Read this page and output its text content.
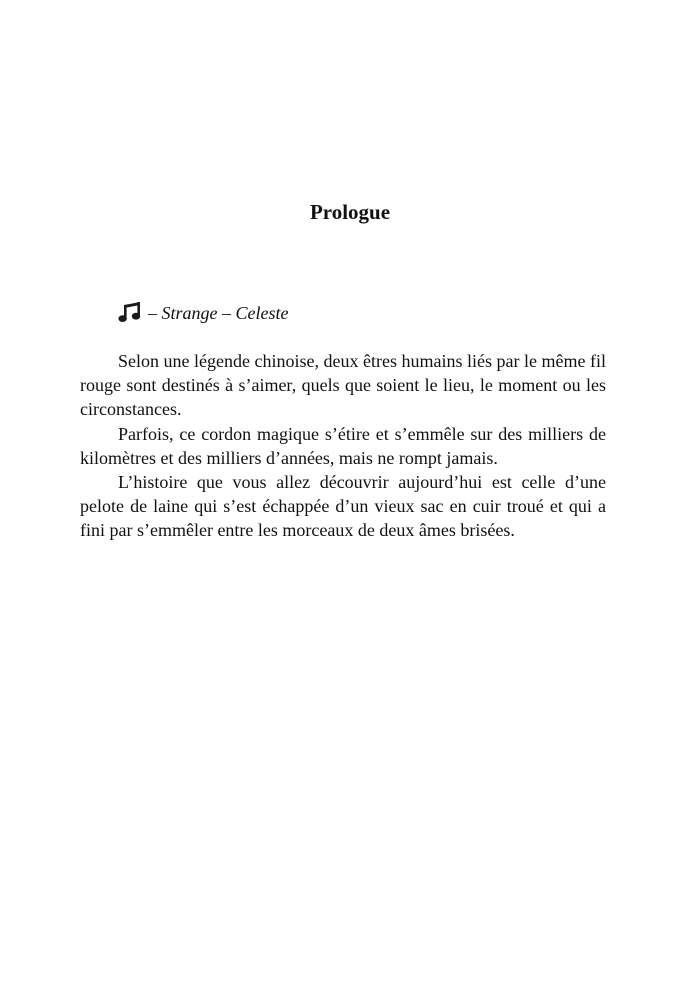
Prologue
– Strange – Celeste

Selon une légende chinoise, deux êtres humains liés par le même fil rouge sont destinés à s’aimer, quels que soient le lieu, le moment ou les circonstances.

Parfois, ce cordon magique s’étire et s’emmêle sur des milliers de kilomètres et des milliers d’années, mais ne rompt jamais.

L’histoire que vous allez découvrir aujourd’hui est celle d’une pelote de laine qui s’est échappée d’un vieux sac en cuir troué et qui a fini par s’emmêler entre les morceaux de deux âmes brisées.
